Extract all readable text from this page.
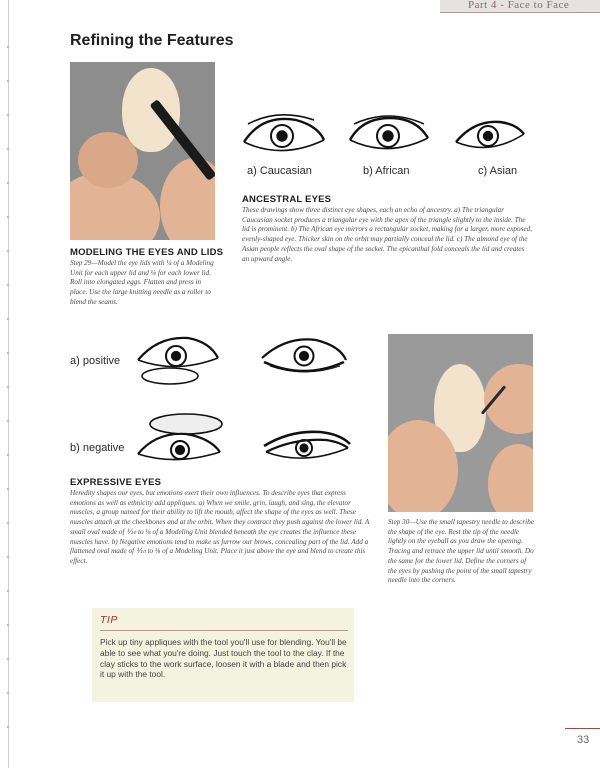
Part 4 - Face to Face
Refining the Features
a) Caucasian	b) African	c) Asian
ANCESTRAL EYES
These drawings show three distinct eye shapes, each an echo of ancestry. a) The triangular Caucasian socket produces a triangular eye with the apex of the triangle slightly to the inside. The lid is prominent. b) The African eye mirrors a rectangular socket, making for a larger, more exposed, evenly-shaped eye. Thicker skin on the orbit may partially conceal the lid. c) The almond eye of the Asian people reflects the oval shape of the socket. The epicanthal fold conceals the lid and creates an upward angle.
MODELING THE EYES AND LIDS
Step 29—Model the eye lids with ¼ of a Modeling Unit for each upper lid and ⅛ for each lower lid. Roll into elongated eggs. Flatten and press in place. Use the large knitting needle as a roller to blend the seams.
a) positive
b) negative
EXPRESSIVE EYES
Heredity shapes our eyes, but emotions exert their own influences. To describe eyes that express emotions as well as ethnicity add appliques. a) When we smile, grin, laugh, and sing, the elevator muscles, a group named for their ability to lift the mouth, affect the shape of the eyes as well. These muscles attach at the cheekbones and at the orbit. When they contract they push against the lower lid. A small oval made of ⅒ to ⅛ of a Modeling Unit blended beneath the eye creates the influence these muscles have. b) Negative emotions tend to make us furrow our brows, concealing part of the lid. Add a flattened oval made of ⅒ to ⅛ of a Modeling Unit. Place it just above the eye and blend to create this effect.
Step 30—Use the small tapestry needle to describe the shape of the eye. Rest the tip of the needle lightly on the eyeball as you draw the opening. Tracing and retrace the upper lid until smooth. Do the same for the lower lid. Define the corners of the eyes by pushing the point of the small tapestry needle into the corners.
TIP
Pick up tiny appliques with the tool you'll use for blending. You'll be able to see what you're doing. Just touch the tool to the clay. If the clay sticks to the work surface, loosen it with a blade and then pick it up with the tool.
33
